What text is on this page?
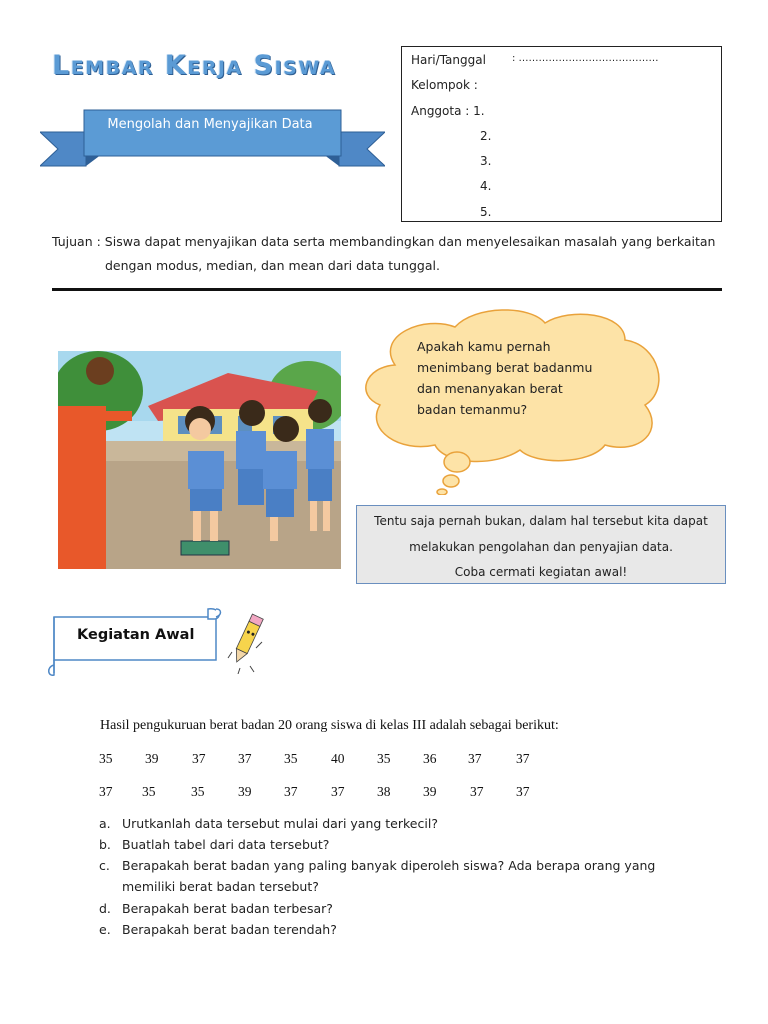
Lembar Kerja Siswa
Mengolah dan Menyajikan Data
Hari/Tanggal	: ……………………………………
Kelompok :
Anggota : 1.
2.
3.
4.
5.
Tujuan : Siswa dapat menyajikan data serta membandingkan dan menyelesaikan masalah yang berkaitan
dengan modus, median, dan mean dari data tunggal.
Apakah kamu pernah
menimbang berat badanmu
dan menanyakan berat
badan temanmu?
Tentu saja pernah bukan, dalam hal tersebut kita dapat
melakukan pengolahan dan penyajian data.
Coba cermati kegiatan awal!
Kegiatan Awal
Hasil pengukuruan berat badan 20 orang siswa di kelas III adalah sebagai berikut:
35 39 37 37 35 40 35 36 37	37
37 35	35 39 37 37 38 39 37 37
a. Urutkanlah data tersebut mulai dari yang terkecil?
b. Buatlah tabel dari data tersebut?
c. Berapakah berat badan yang paling banyak diperoleh siswa? Ada berapa orang yang
memiliki berat badan tersebut?
d. Berapakah berat badan terbesar?
e. Berapakah berat badan terendah?
